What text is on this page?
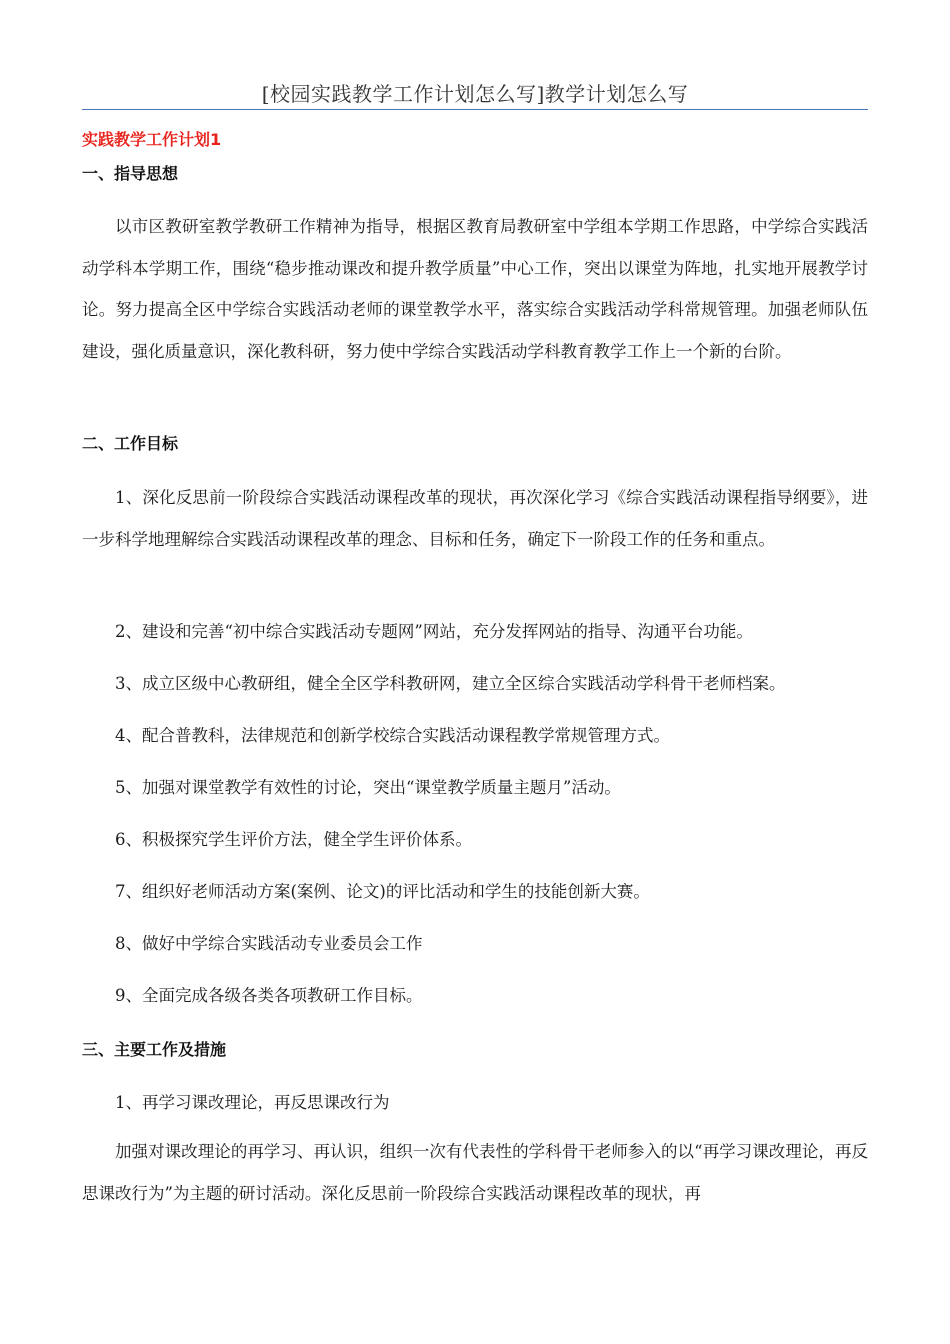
[校园实践教学工作计划怎么写]教学计划怎么写
实践教学工作计划1
一、指导思想

以市区教研室教学教研工作精神为指导，根据区教育局教研室中学组本学期工作思路，中学综合实践活动学科本学期工作，围绕“稳步推动课改和提升教学质量”中心工作，突出以课堂为阵地，扎实地开展教学讨论。努力提高全区中学综合实践活动老师的课堂教学水平，落实综合实践活动学科常规管理。加强老师队伍建设，强化质量意识，深化教科研，努力使中学综合实践活动学科教育教学工作上一个新的台阶。

二、工作目标

1、深化反思前一阶段综合实践活动课程改革的现状，再次深化学习《综合实践活动课程指导纲要》，进一步科学地理解综合实践活动课程改革的理念、目标和任务，确定下一阶段工作的任务和重点。

2、建设和完善“初中综合实践活动专题网”网站，充分发挥网站的指导、沟通平台功能。

3、成立区级中心教研组，健全全区学科教研网，建立全区综合实践活动学科骨干老师档案。

4、配合普教科，法律规范和创新学校综合实践活动课程教学常规管理方式。

5、加强对课堂教学有效性的讨论，突出“课堂教学质量主题月”活动。

6、积极探究学生评价方法，健全学生评价体系。

7、组织好老师活动方案(案例、论文)的评比活动和学生的技能创新大赛。

8、做好中学综合实践活动专业委员会工作

9、全面完成各级各类各项教研工作目标。

三、主要工作及措施

1、再学习课改理论，再反思课改行为

加强对课改理论的再学习、再认识，组织一次有代表性的学科骨干老师参入的以“再学习课改理论，再反思课改行为”为主题的研讨活动。深化反思前一阶段综合实践活动课程改革的现状，再
